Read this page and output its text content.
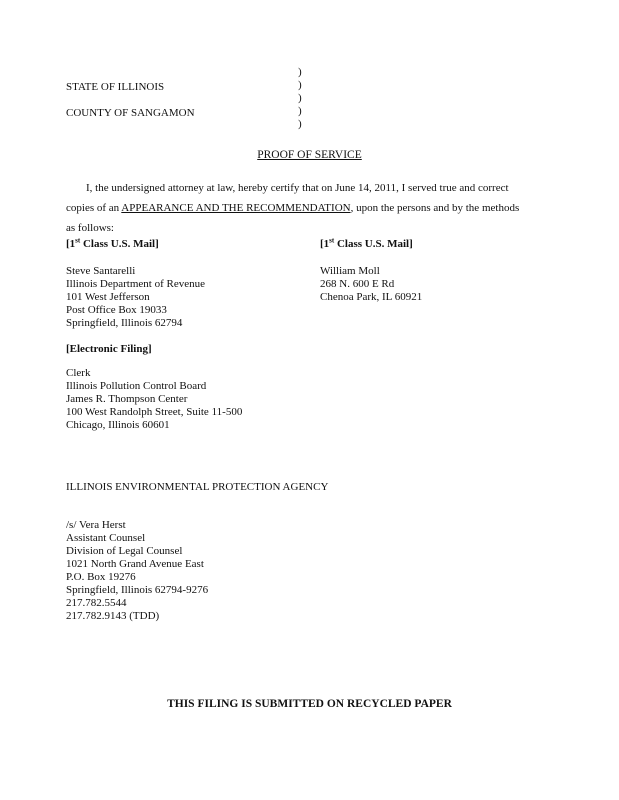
STATE OF ILLINOIS
COUNTY OF SANGAMON
)
)
)
)
)
PROOF OF SERVICE
I, the undersigned attorney at law, hereby certify that on June 14, 2011, I served true and correct
copies of an APPEARANCE AND THE RECOMMENDATION, upon the persons and by the methods
as follows:
[1st Class U.S. Mail]	[1st Class U.S. Mail]
Steve Santarelli
Illinois Department of Revenue
101 West Jefferson
Post Office Box 19033
Springfield, Illinois 62794
William Moll
268 N. 600 E Rd
Chenoa Park, IL 60921
[Electronic Filing]
Clerk
Illinois Pollution Control Board
James R. Thompson Center
100 West Randolph Street, Suite 11-500
Chicago, Illinois 60601
ILLINOIS ENVIRONMENTAL PROTECTION AGENCY
/s/ Vera Herst
Assistant Counsel
Division of Legal Counsel
1021 North Grand Avenue East
P.O. Box 19276
Springfield, Illinois 62794-9276
217.782.5544
217.782.9143 (TDD)
THIS FILING IS SUBMITTED ON RECYCLED PAPER
